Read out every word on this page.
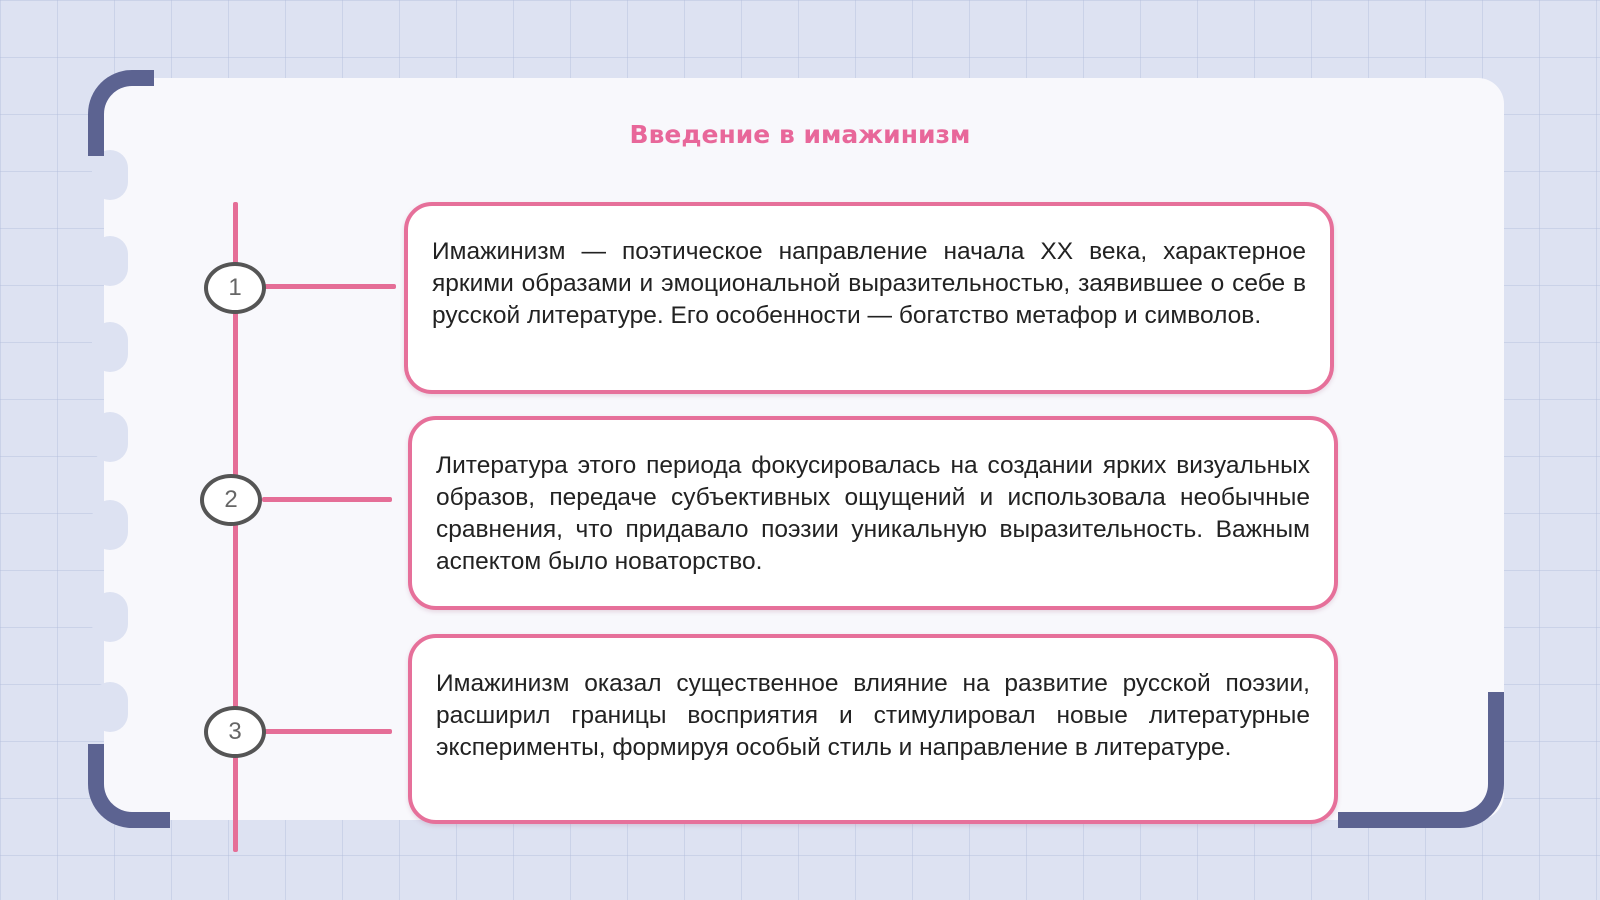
Введение в имажинизм
1
Имажинизм — поэтическое направление начала XX века, характерное яркими образами и эмоциональной выразительностью, заявившее о себе в русской литературе. Его особенности — богатство метафор и символов.
2
Литература этого периода фокусировалась на создании ярких визуальных образов, передаче субъективных ощущений и использовала необычные сравнения, что придавало поэзии уникальную выразительность. Важным аспектом было новаторство.
3
Имажинизм оказал существенное влияние на развитие русской поэзии, расширил границы восприятия и стимулировал новые литературные эксперименты, формируя особый стиль и направление в литературе.
